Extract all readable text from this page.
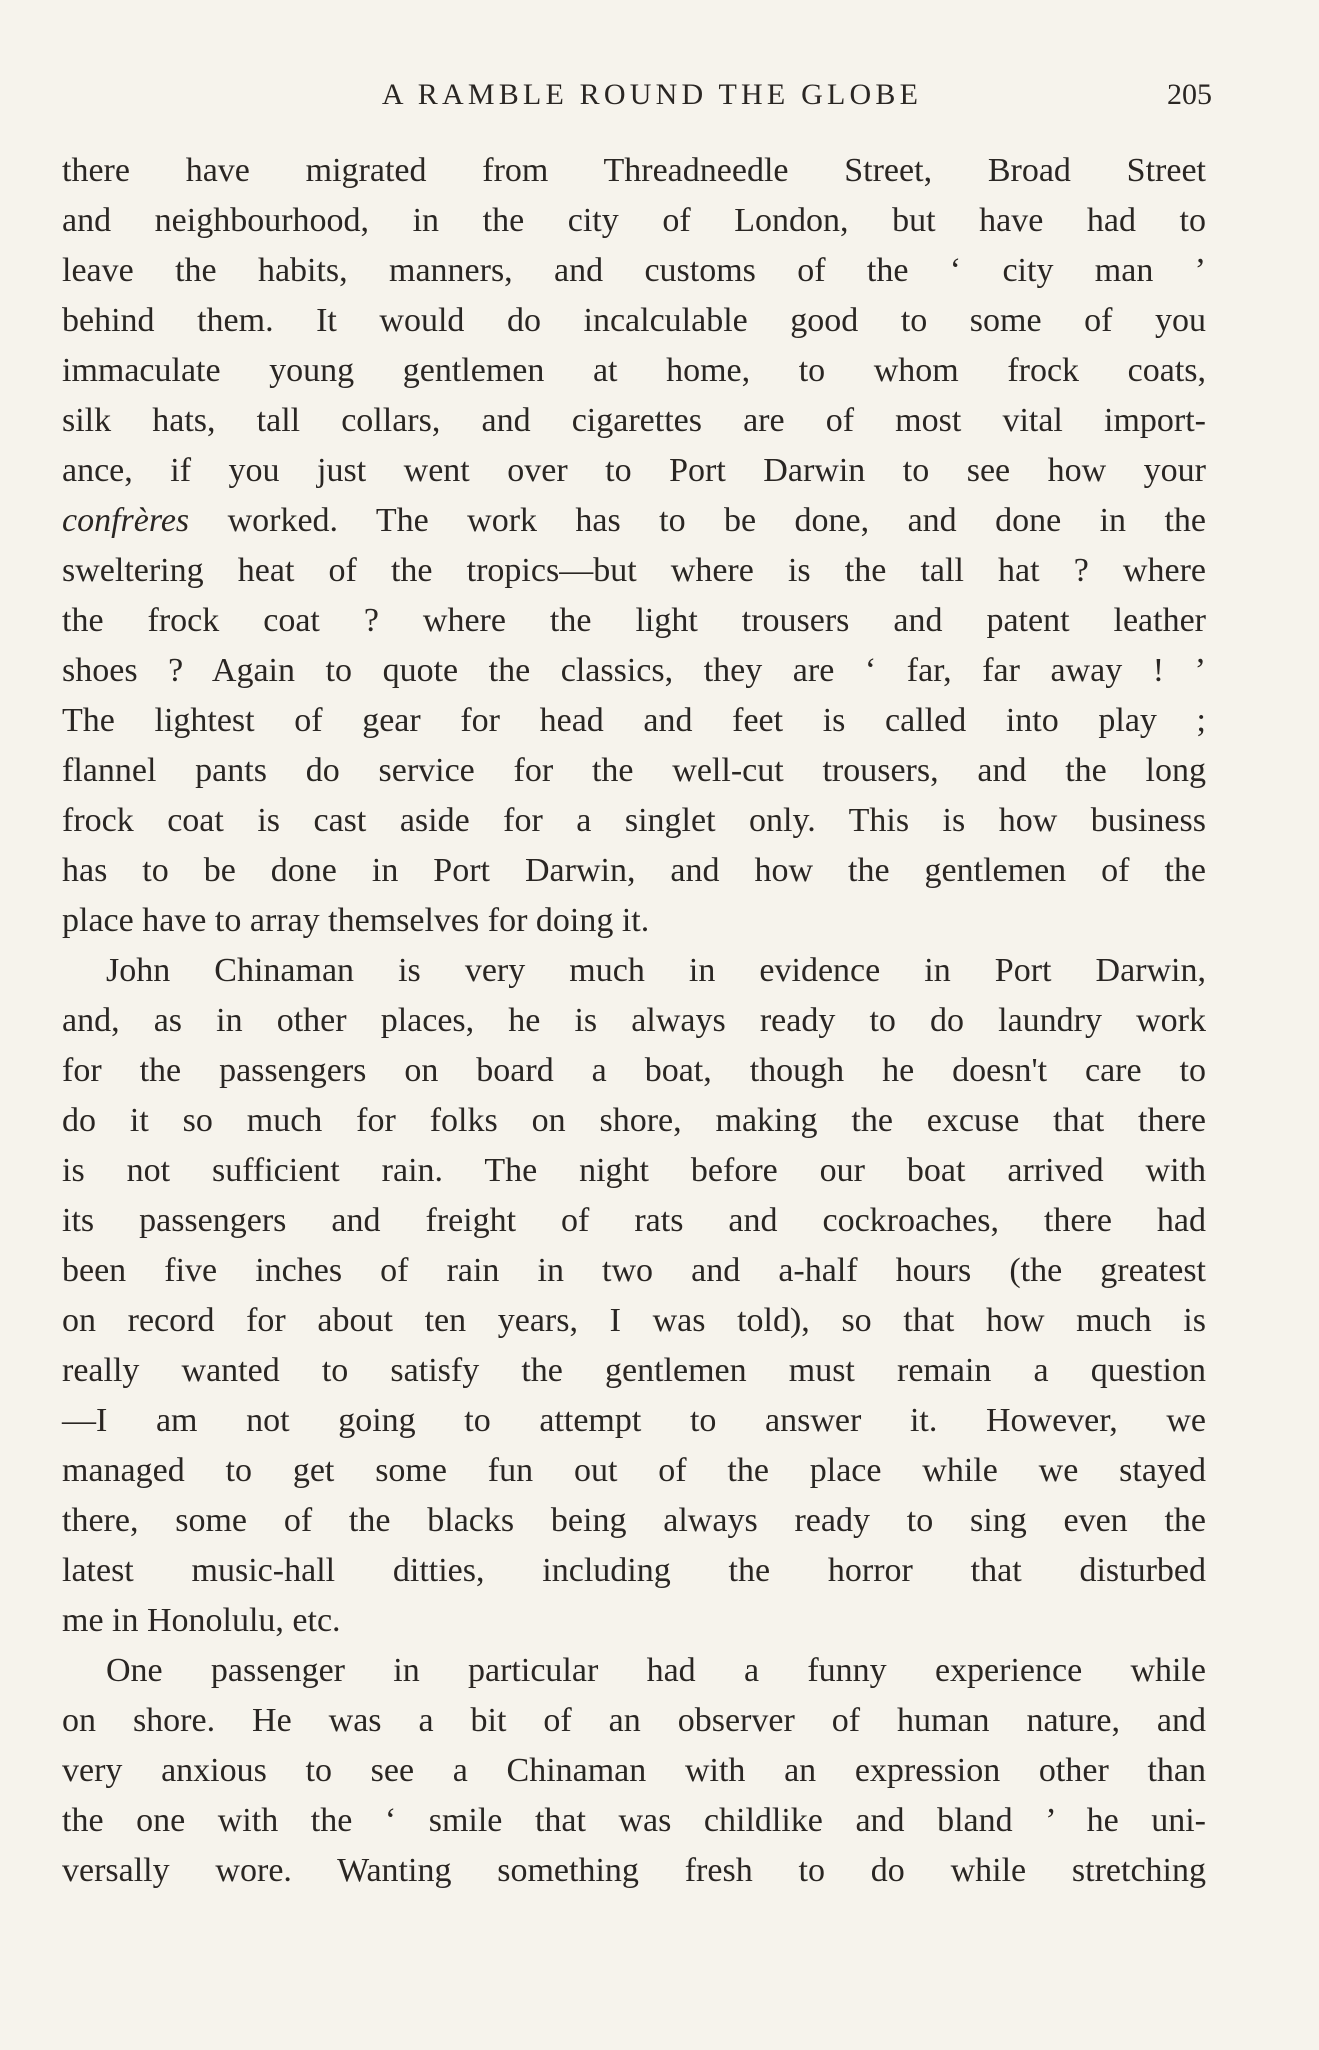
A RAMBLE ROUND THE GLOBE	205

there have migrated from Threadneedle Street, Broad Street
and neighbourhood, in the city of London, but have had to
leave the habits, manners, and customs of the ‘ city man ’
behind them. It would do incalculable good to some of you
immaculate young gentlemen at home, to whom frock coats,
silk hats, tall collars, and cigarettes are of most vital import-
ance, if you just went over to Port Darwin to see how your
confrères worked. The work has to be done, and done in the
sweltering heat of the tropics—but where is the tall hat ? where
the frock coat ? where the light trousers and patent leather
shoes ? Again to quote the classics, they are ‘ far, far away ! ’
The lightest of gear for head and feet is called into play ;
flannel pants do service for the well-cut trousers, and the long
frock coat is cast aside for a singlet only. This is how business
has to be done in Port Darwin, and how the gentlemen of the
place have to array themselves for doing it.

John Chinaman is very much in evidence in Port Darwin,
and, as in other places, he is always ready to do laundry work
for the passengers on board a boat, though he doesn't care to
do it so much for folks on shore, making the excuse that there
is not sufficient rain. The night before our boat arrived with
its passengers and freight of rats and cockroaches, there had
been five inches of rain in two and a-half hours (the greatest
on record for about ten years, I was told), so that how much is
really wanted to satisfy the gentlemen must remain a question
—I am not going to attempt to answer it. However, we
managed to get some fun out of the place while we stayed
there, some of the blacks being always ready to sing even the
latest music-hall ditties, including the horror that disturbed
me in Honolulu, etc.

One passenger in particular had a funny experience while
on shore. He was a bit of an observer of human nature, and
very anxious to see a Chinaman with an expression other than
the one with the ‘ smile that was childlike and bland ’ he uni-
versally wore. Wanting something fresh to do while stretching
